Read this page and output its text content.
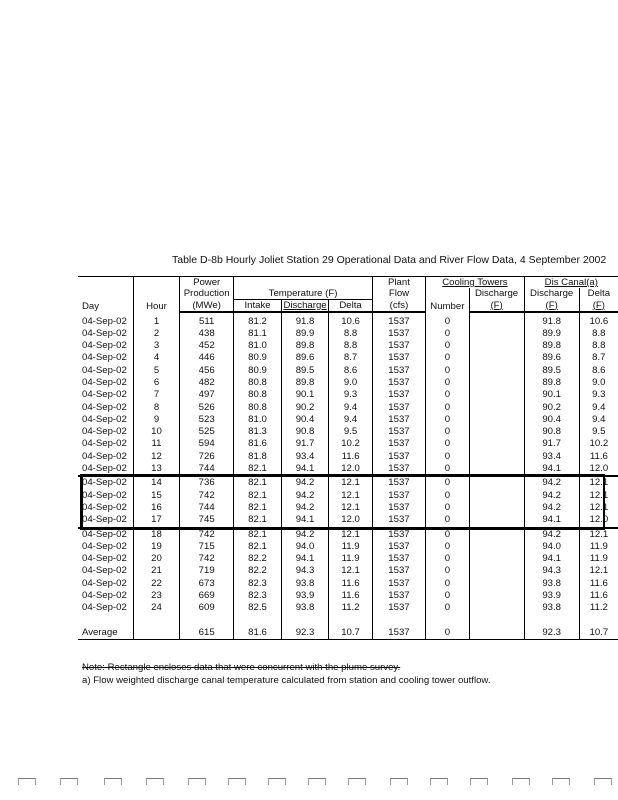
Table D-8b Hourly Joliet Station 29 Operational Data and River Flow Data, 4 September 2002
Day	Hour	Power	Temperature (F)			Plant	Cooling Towers		Dis Canal(a)	
		Production				Flow	Number	Discharge	Discharge	Delta
		(MWe)	Intake	Discharge	Delta	(cfs)		(F)	(F)	(F)

04-Sep-02	1	511	81.2	91.8	10.6	1537	0		91.8	10.6
04-Sep-02	2	438	81.1	89.9	8.8	1537	0		89.9	8.8
04-Sep-02	3	452	81.0	89.8	8.8	1537	0		89.8	8.8
04-Sep-02	4	446	80.9	89.6	8.7	1537	0		89.6	8.7
04-Sep-02	5	456	80.9	89.5	8.6	1537	0		89.5	8.6
04-Sep-02	6	482	80.8	89.8	9.0	1537	0		89.8	9.0
04-Sep-02	7	497	80.8	90.1	9.3	1537	0		90.1	9.3
04-Sep-02	8	526	80.8	90.2	9.4	1537	0		90.2	9.4
04-Sep-02	9	523	81.0	90.4	9.4	1537	0		90.4	9.4
04-Sep-02	10	525	81.3	90.8	9.5	1537	0		90.8	9.5
04-Sep-02	11	594	81.6	91.7	10.2	1537	0		91.7	10.2
04-Sep-02	12	726	81.8	93.4	11.6	1537	0		93.4	11.6
04-Sep-02	13	744	82.1	94.1	12.0	1537	0		94.1	12.0
04-Sep-02	14	736	82.1	94.2	12.1	1537	0		94.2	12.1
04-Sep-02	15	742	82.1	94.2	12.1	1537	0		94.2	12.1
04-Sep-02	16	744	82.1	94.2	12.1	1537	0		94.2	12.1
04-Sep-02	17	745	82.1	94.1	12.0	1537	0		94.1	12.0
04-Sep-02	18	742	82.1	94.2	12.1	1537	0		94.2	12.1
04-Sep-02	19	715	82.1	94.0	11.9	1537	0		94.0	11.9
04-Sep-02	20	742	82.2	94.1	11.9	1537	0		94.1	11.9
04-Sep-02	21	719	82.2	94.3	12.1	1537	0		94.3	12.1
04-Sep-02	22	673	82.3	93.8	11.6	1537	0		93.8	11.6
04-Sep-02	23	669	82.3	93.9	11.6	1537	0		93.9	11.6
04-Sep-02	24	609	82.5	93.8	11.2	1537	0		93.8	11.2

Average		615	81.6	92.3	10.7	1537	0		92.3	10.7
Note: Rectangle encloses data that were concurrent with the plume survey.
a) Flow weighted discharge canal temperature calculated from station and cooling tower outflow.
